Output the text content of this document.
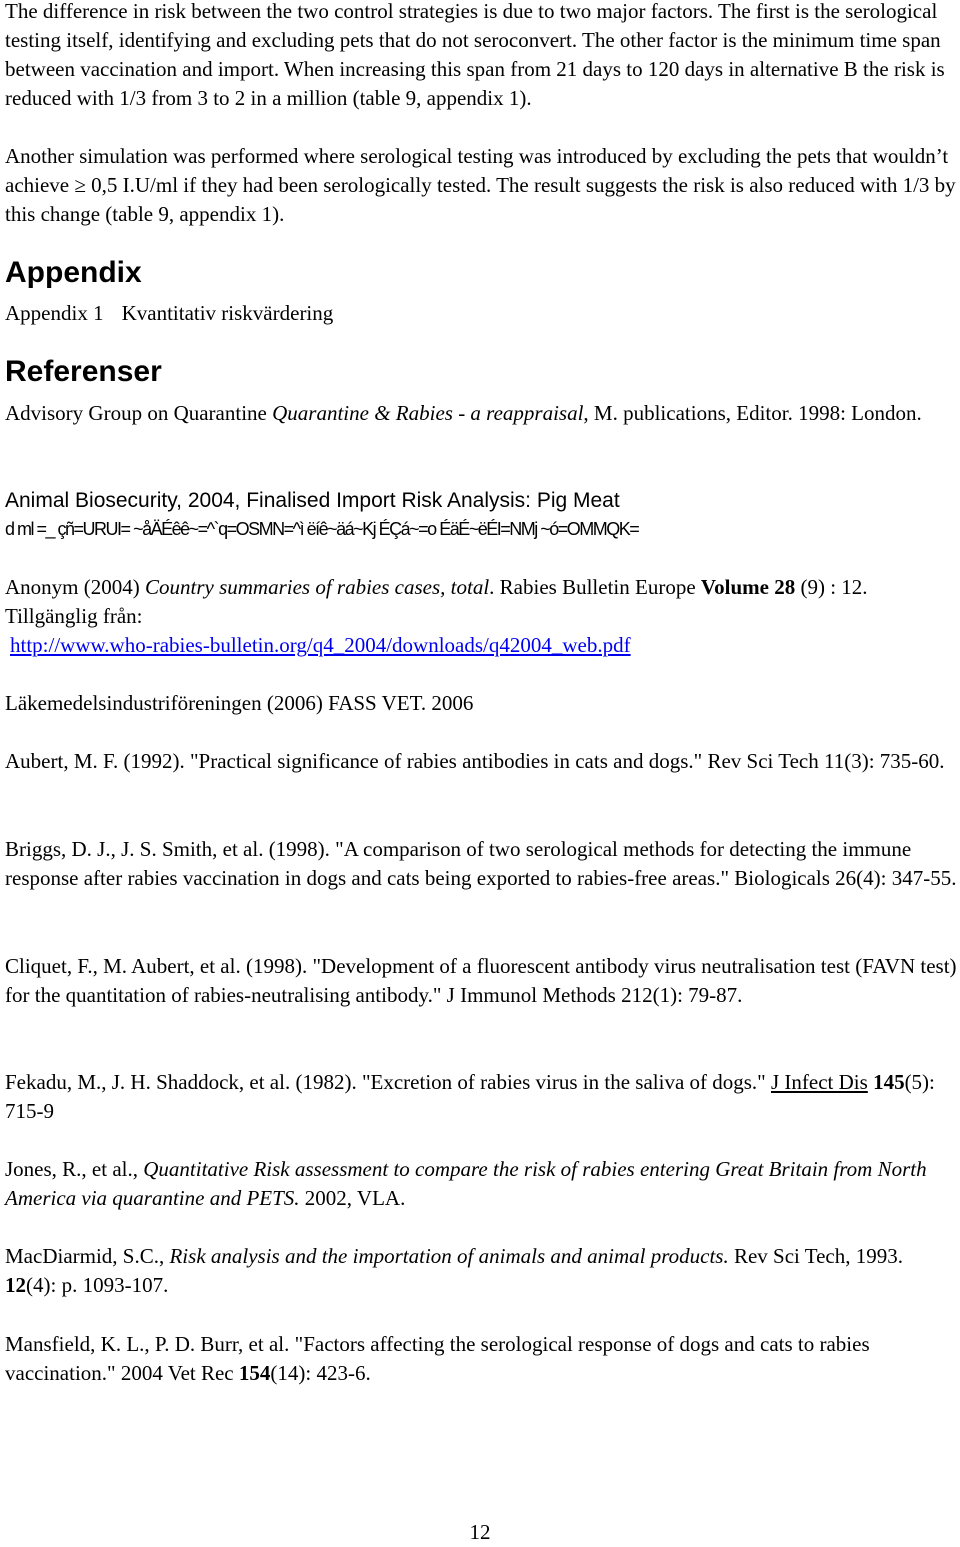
The difference in risk between the two control strategies is due to two major factors. The first is the serological testing itself, identifying and excluding pets that do not seroconvert. The other factor is the minimum time span between vaccination and import. When increasing this span from 21 days to 120 days in alternative B the risk is reduced with 1/3 from 3 to 2 in a million (table 9, appendix 1).

Another simulation was performed where serological testing was introduced by excluding the pets that wouldn’t achieve ≥ 0,5 I.U/ml if they had been serologically tested. The result suggests the risk is also reduced with 1/3 by this change (table 9, appendix 1).

Appendix

Appendix 1 Kvantitativ riskvärdering

Referenser

Advisory Group on Quarantine Quarantine & Rabies - a reappraisal, M. publications, Editor. 1998: London.

Animal Biosecurity, 2004, Finalised Import Risk Analysis: Pig Meat

d ml =_ çñ=URUI= ~åÄÉêê~=^`q=OSMN=^ì ëíê~äá~Kj ÉÇá~=o ÉäÉ~ëÉI=NMj ~ó=OMMQK=

Anonym (2004) Country summaries of rabies cases, total. Rabies Bulletin Europe Volume 28 (9) : 12. Tillgänglig från:

http://www.who-rabies-bulletin.org/q4_2004/downloads/q42004_web.pdf

Läkemedelsindustriföreningen (2006) FASS VET. 2006

Aubert, M. F. (1992). "Practical significance of rabies antibodies in cats and dogs." Rev Sci Tech 11(3): 735-60.

Briggs, D. J., J. S. Smith, et al. (1998). "A comparison of two serological methods for detecting the immune response after rabies vaccination in dogs and cats being exported to rabies-free areas." Biologicals 26(4): 347-55.

Cliquet, F., M. Aubert, et al. (1998). "Development of a fluorescent antibody virus neutralisation test (FAVN test) for the quantitation of rabies-neutralising antibody." J Immunol Methods 212(1): 79-87.

Fekadu, M., J. H. Shaddock, et al. (1982). "Excretion of rabies virus in the saliva of dogs." J Infect Dis 145(5): 715-9

Jones, R., et al., Quantitative Risk assessment to compare the risk of rabies entering Great Britain from North America via quarantine and PETS. 2002, VLA.

MacDiarmid, S.C., Risk analysis and the importation of animals and animal products. Rev Sci Tech, 1993. 12(4): p. 1093-107.

Mansfield, K. L., P. D. Burr, et al. "Factors affecting the serological response of dogs and cats to rabies vaccination." 2004 Vet Rec 154(14): 423-6.

12
